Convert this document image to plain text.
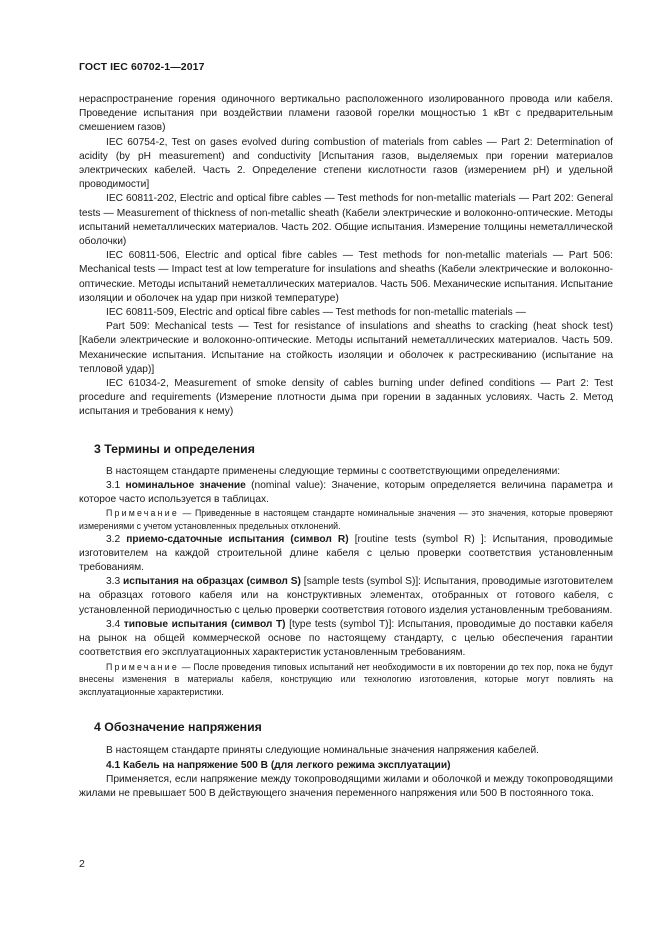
ГОСТ IEC 60702-1—2017

нераспространение горения одиночного вертикально расположенного изолированного провода или кабеля. Проведение испытания при воздействии пламени газовой горелки мощностью 1 кВт с предварительным смешением газов)

IEC 60754-2, Test on gases evolved during combustion of materials from cables — Part 2: Determination of acidity (by pH measurement) and conductivity [Испытания газов, выделяемых при горении материалов электрических кабелей. Часть 2. Определение степени кислотности газов (измерением pH) и удельной проводимости]

IEC 60811-202, Electric and optical fibre cables — Test methods for non-metallic materials — Part 202: General tests — Measurement of thickness of non-metallic sheath (Кабели электрические и волоконно-оптические. Методы испытаний неметаллических материалов. Часть 202. Общие испытания. Измерение толщины неметаллической оболочки)

IEC 60811-506, Electric and optical fibre cables — Test methods for non-metallic materials — Part 506: Mechanical tests — Impact test at low temperature for insulations and sheaths (Кабели электрические и волоконно-оптические. Методы испытаний неметаллических материалов. Часть 506. Механические испытания. Испытание изоляции и оболочек на удар при низкой температуре)

IEC 60811-509, Electric and optical fibre cables — Test methods for non-metallic materials —

Part 509: Mechanical tests — Test for resistance of insulations and sheaths to cracking (heat shock test) [Кабели электрические и волоконно-оптические. Методы испытаний неметаллических материалов. Часть 509. Механические испытания. Испытание на стойкость изоляции и оболочек к растрескиванию (испытание на тепловой удар)]

IEC 61034-2, Measurement of smoke density of cables burning under defined conditions — Part 2: Test procedure and requirements (Измерение плотности дыма при горении в заданных условиях. Часть 2. Метод испытания и требования к нему)

3 Термины и определения

В настоящем стандарте применены следующие термины с соответствующими определениями:

3.1 номинальное значение (nominal value): Значение, которым определяется величина параметра и которое часто используется в таблицах.

Примечание — Приведенные в настоящем стандарте номинальные значения — это значения, которые проверяют измерениями с учетом установленных предельных отклонений.

3.2 приемо-сдаточные испытания (символ R) [routine tests (symbol R) ]: Испытания, проводимые изготовителем на каждой строительной длине кабеля с целью проверки соответствия установленным требованиям.

3.3 испытания на образцах (символ S) [sample tests (symbol S)]: Испытания, проводимые изготовителем на образцах готового кабеля или на конструктивных элементах, отобранных от готового кабеля, с установленной периодичностью с целью проверки соответствия готового изделия установленным требованиям.

3.4 типовые испытания (символ Т) [type tests (symbol T)]: Испытания, проводимые до поставки кабеля на рынок на общей коммерческой основе по настоящему стандарту, с целью обеспечения гарантии соответствия его эксплуатационных характеристик установленным требованиям.

Примечание — После проведения типовых испытаний нет необходимости в их повторении до тех пор, пока не будут внесены изменения в материалы кабеля, конструкцию или технологию изготовления, которые могут повлиять на эксплуатационные характеристики.

4 Обозначение напряжения

В настоящем стандарте приняты следующие номинальные значения напряжения кабелей.

4.1 Кабель на напряжение 500 В (для легкого режима эксплуатации)

Применяется, если напряжение между токопроводящими жилами и оболочкой и между токопроводящими жилами не превышает 500 В действующего значения переменного напряжения или 500 В постоянного тока.

2
